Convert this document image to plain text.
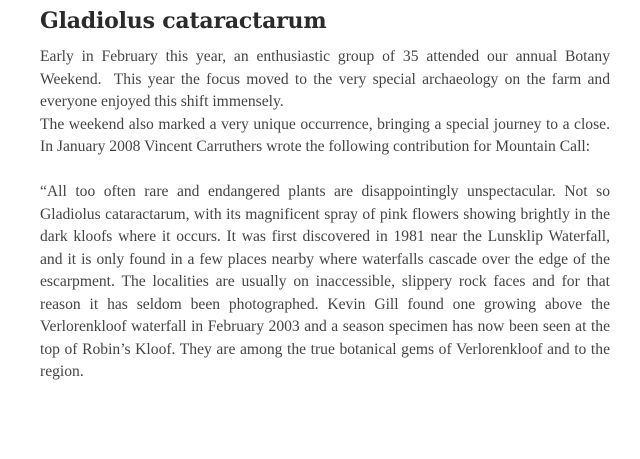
Gladiolus cataractarum

Early in February this year, an enthusiastic group of 35 attended our annual Botany Weekend.  This year the focus moved to the very special archaeology on the farm and everyone enjoyed this shift immensely.

The weekend also marked a very unique occurrence, bringing a special journey to a close.  In January 2008 Vincent Carruthers wrote the following contribution for Mountain Call:

“All too often rare and endangered plants are disappointingly unspectacular. Not so Gladiolus cataractarum, with its magnificent spray of pink flowers showing brightly in the dark kloofs where it occurs. It was first discovered in 1981 near the Lunsklip Waterfall, and it is only found in a few places nearby where waterfalls cascade over the edge of the escarpment. The localities are usually on inaccessible, slippery rock faces and for that reason it has seldom been photographed. Kevin Gill found one growing above the Verlorenkloof waterfall in February 2003 and a season specimen has now been seen at the top of Robin’s Kloof. They are among the true botanical gems of Verlorenkloof and to the region.
